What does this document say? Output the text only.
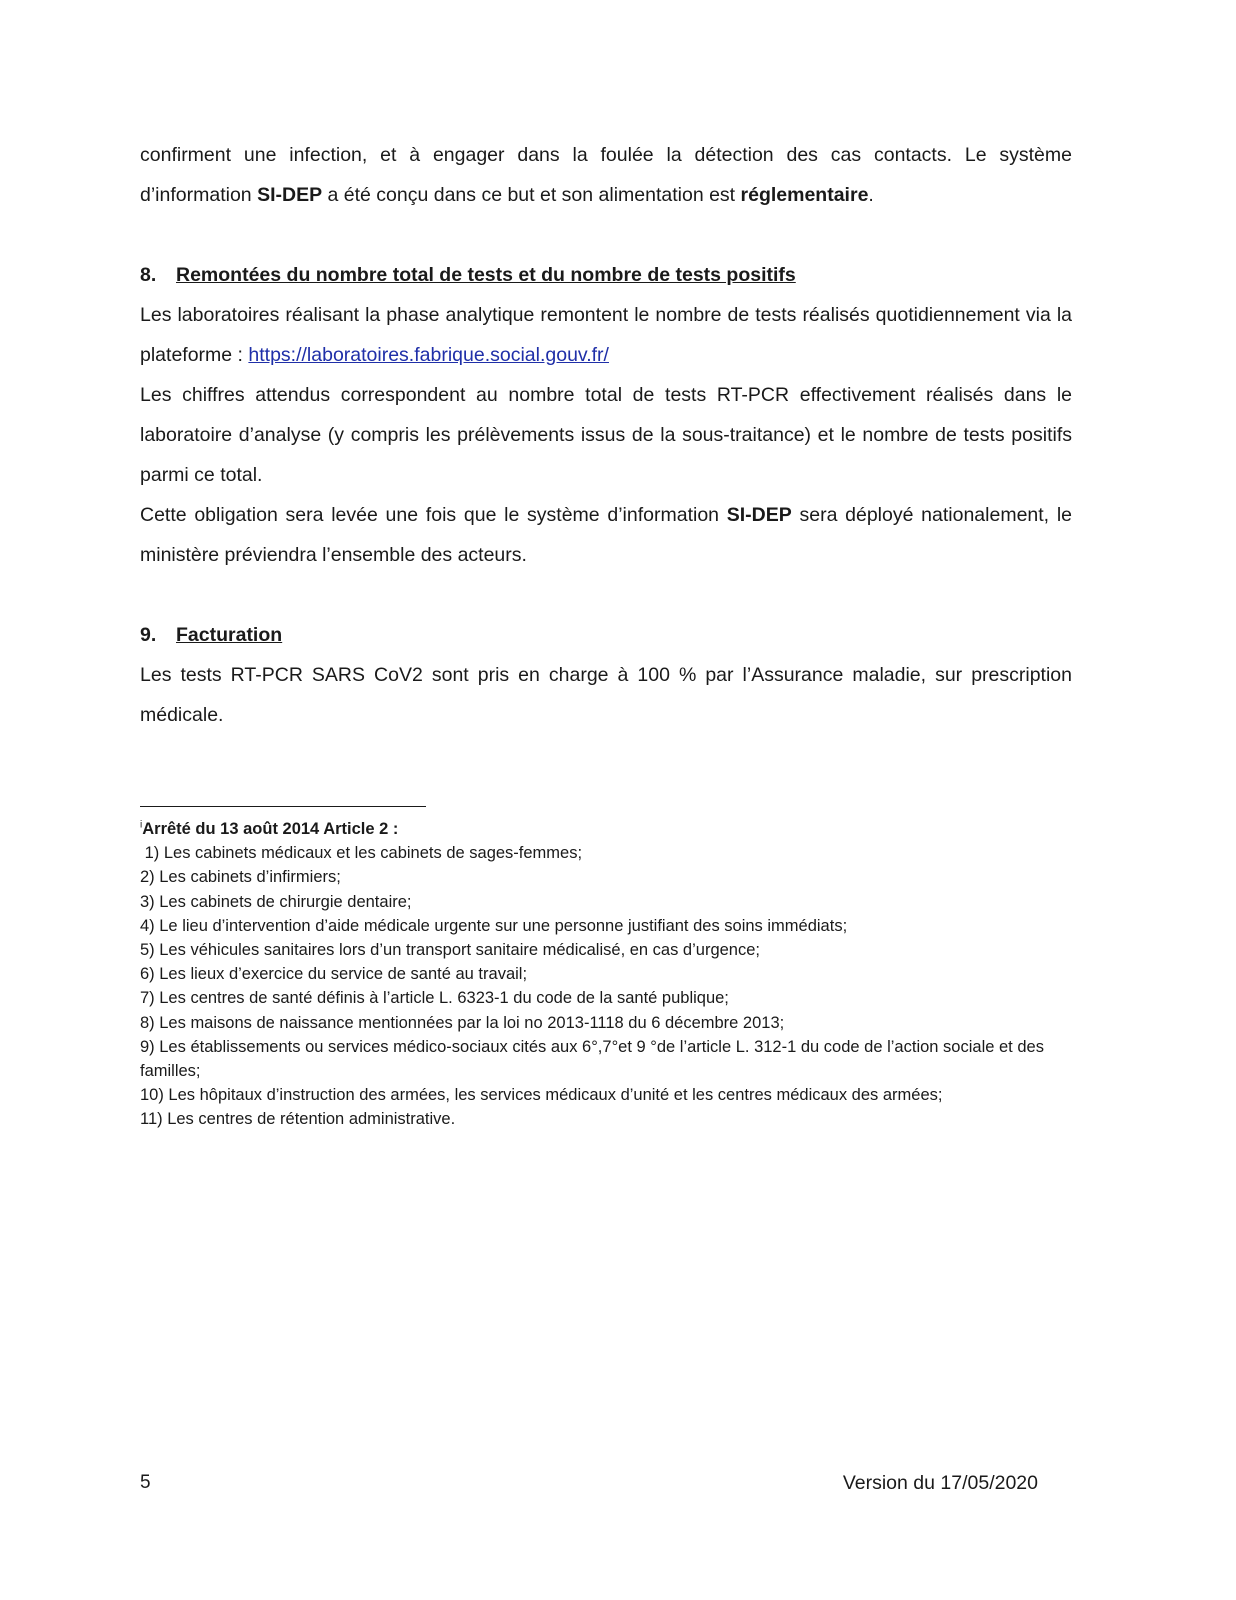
confirment une infection, et à engager dans la foulée la détection des cas contacts. Le système d’information SI-DEP a été conçu dans ce but et son alimentation est réglementaire.

8. Remontées du nombre total de tests et du nombre de tests positifs

Les laboratoires réalisant la phase analytique remontent le nombre de tests réalisés quotidiennement via la plateforme : https://laboratoires.fabrique.social.gouv.fr/

Les chiffres attendus correspondent au nombre total de tests RT-PCR effectivement réalisés dans le laboratoire d’analyse (y compris les prélèvements issus de la sous-traitance) et le nombre de tests positifs parmi ce total.

Cette obligation sera levée une fois que le système d’information SI-DEP sera déployé nationalement, le ministère préviendra l’ensemble des acteurs.

9. Facturation

Les tests RT-PCR SARS CoV2 sont pris en charge à 100 % par l’Assurance maladie, sur prescription médicale.

$^i$Arrêté du 13 août 2014 Article 2 :

1) Les cabinets médicaux et les cabinets de sages-femmes;

2) Les cabinets d’infirmiers;

3) Les cabinets de chirurgie dentaire;

4) Le lieu d’intervention d’aide médicale urgente sur une personne justifiant des soins immédiats;

5) Les véhicules sanitaires lors d’un transport sanitaire médicalisé, en cas d’urgence;

6) Les lieux d’exercice du service de santé au travail;

7) Les centres de santé définis à l’article L. 6323-1 du code de la santé publique;

8) Les maisons de naissance mentionnées par la loi no 2013-1118 du 6 décembre 2013;

9) Les établissements ou services médico-sociaux cités aux 6°,7°et 9 °de l’article L. 312-1 du code de l’action sociale et des familles;

10) Les hôpitaux d’instruction des armées, les services médicaux d’unité et les centres médicaux des armées;

11) Les centres de rétention administrative.

5	Version du 17/05/2020
